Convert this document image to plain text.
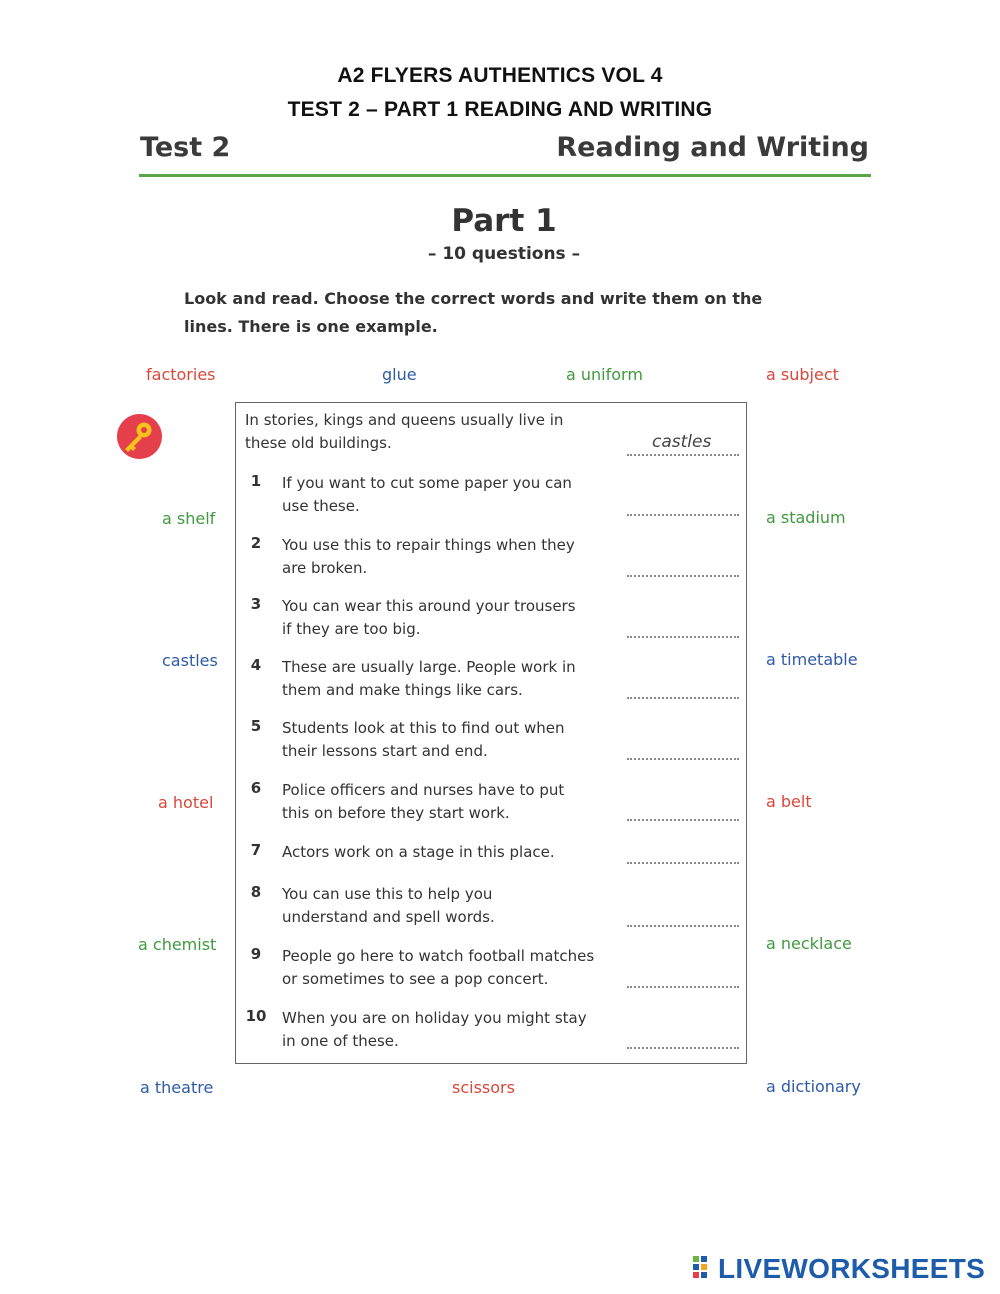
A2 FLYERS AUTHENTICS VOL 4
TEST 2 – PART 1 READING AND WRITING
Test 2	Reading and Writing
Part 1
– 10 questions –
Look and read. Choose the correct words and write them on the lines. There is one example.
factories	glue	a uniform	a subject
a shelf
castles
a hotel
a chemist
a stadium
a timetable
a belt
a necklace
a theatre	scissors	a dictionary
In stories, kings and queens usually live in
these old buildings.	castles
1	If you want to cut some paper you can
use these.
2	You use this to repair things when they
are broken.
3	You can wear this around your trousers
if they are too big.
4	These are usually large. People work in
them and make things like cars.
5	Students look at this to find out when
their lessons start and end.
6	Police officers and nurses have to put
this on before they start work.
7	Actors work on a stage in this place.
8	You can use this to help you
understand and spell words.
9	People go here to watch football matches
or sometimes to see a pop concert.
10	When you are on holiday you might stay
in one of these.
LIVEWORKSHEETS
